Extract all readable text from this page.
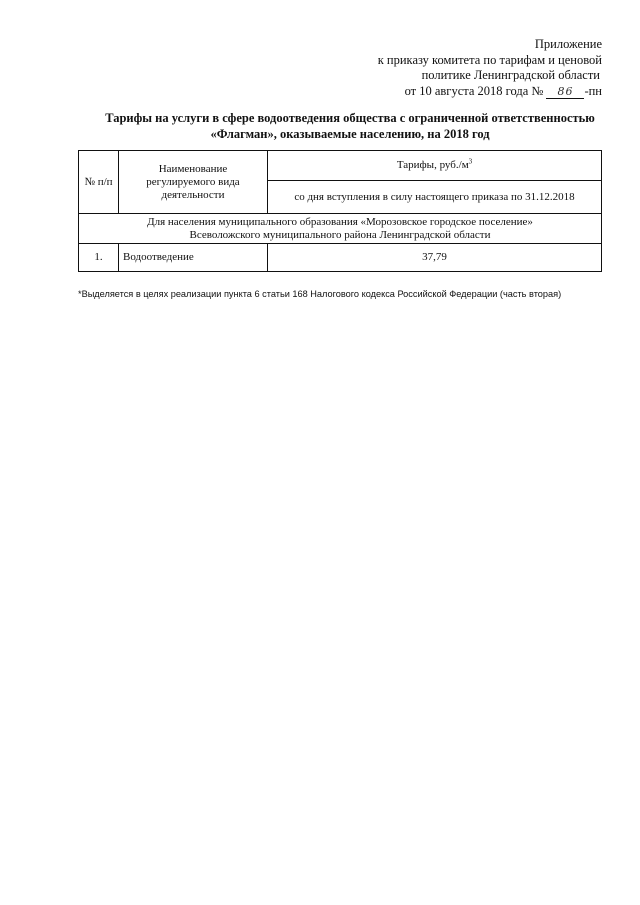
Приложение
к приказу комитета по тарифам и ценовой
политике Ленинградской области
от 10 августа 2018 года № 86 -пн
Тарифы на услуги в сфере водоотведения общества с ограниченной ответственностью
«Флагман», оказываемые населению, на 2018 год
№ п/п	Наименование регулируемого вида деятельности	Тарифы, $руб./м^3$
		со дня вступления в силу настоящего приказа по 31.12.2018

Для населения муниципального образования «Морозовское городское поселение»
Всеволожского муниципального района Ленинградской области		

1.	Водоотведение	37,79
*Выделяется в целях реализации пункта 6 статьи 168 Налогового кодекса Российской Федерации (часть вторая)
